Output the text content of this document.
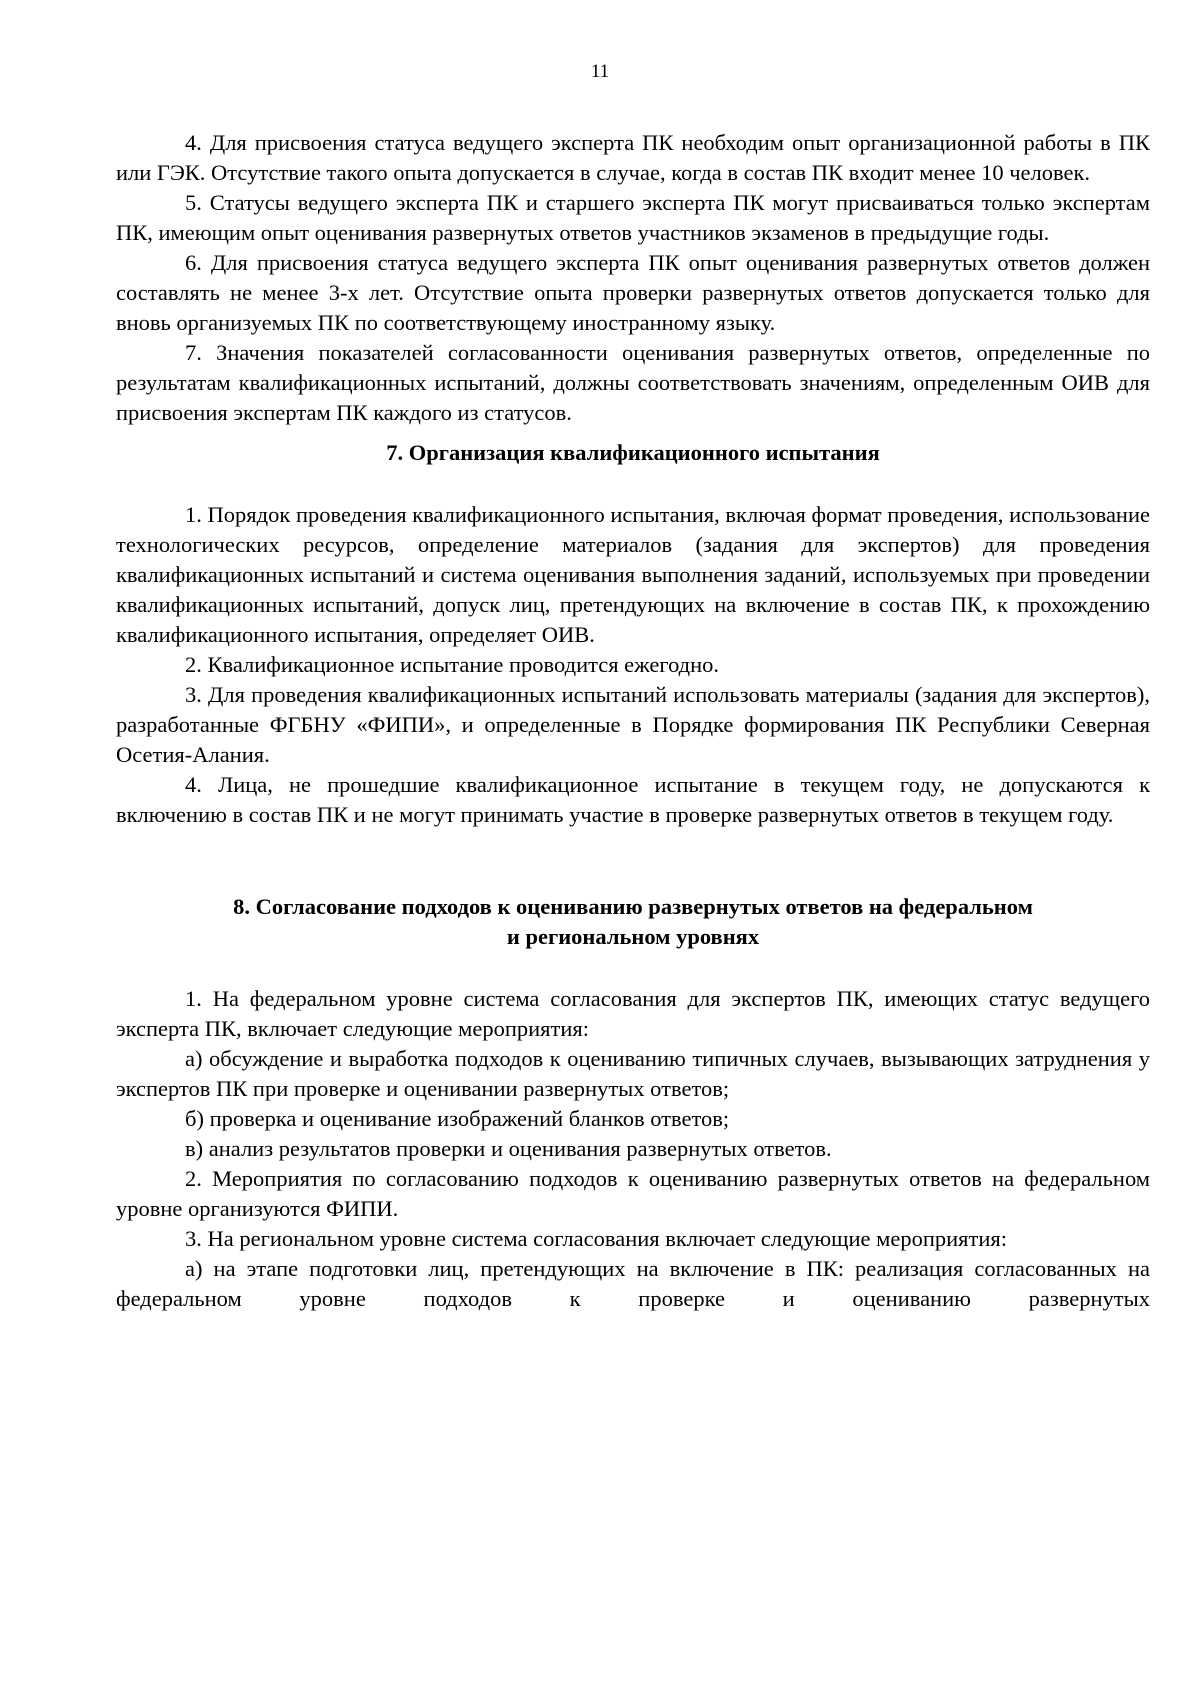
11

4. Для присвоения статуса ведущего эксперта ПК необходим опыт организационной работы в ПК или ГЭК. Отсутствие такого опыта допускается в случае, когда в состав ПК входит менее 10 человек.

5. Статусы ведущего эксперта ПК и старшего эксперта ПК могут присваиваться только экспертам ПК, имеющим опыт оценивания развернутых ответов участников экзаменов в предыдущие годы.

6. Для присвоения статуса ведущего эксперта ПК опыт оценивания развернутых ответов должен составлять не менее 3-х лет. Отсутствие опыта проверки развернутых ответов допускается только для вновь организуемых ПК по соответствующему иностранному языку.

7. Значения показателей согласованности оценивания развернутых ответов, определенные по результатам квалификационных испытаний, должны соответствовать значениям, определенным ОИВ для присвоения экспертам ПК каждого из статусов.

7. Организация квалификационного испытания

1. Порядок проведения квалификационного испытания, включая формат проведения, использование технологических ресурсов, определение материалов (задания для экспертов) для проведения квалификационных испытаний и система оценивания выполнения заданий, используемых при проведении квалификационных испытаний, допуск лиц, претендующих на включение в состав ПК, к прохождению квалификационного испытания, определяет ОИВ.

2. Квалификационное испытание проводится ежегодно.

3. Для проведения квалификационных испытаний использовать материалы (задания для экспертов), разработанные ФГБНУ «ФИПИ», и определенные в Порядке формирования ПК Республики Северная Осетия-Алания.

4. Лица, не прошедшие квалификационное испытание в текущем году, не допускаются к включению в состав ПК и не могут принимать участие в проверке развернутых ответов в текущем году.

8. Согласование подходов к оцениванию развернутых ответов на федеральном
и региональном уровнях

1. На федеральном уровне система согласования для экспертов ПК, имеющих статус ведущего эксперта ПК, включает следующие мероприятия:

а) обсуждение и выработка подходов к оцениванию типичных случаев, вызывающих затруднения у экспертов ПК при проверке и оценивании развернутых ответов;

б) проверка и оценивание изображений бланков ответов;

в) анализ результатов проверки и оценивания развернутых ответов.

2. Мероприятия по согласованию подходов к оцениванию развернутых ответов на федеральном уровне организуются ФИПИ.

3. На региональном уровне система согласования включает следующие мероприятия:

а) на этапе подготовки лиц, претендующих на включение в ПК: реализация согласованных на федеральном уровне подходов к проверке и оцениванию развернутых
